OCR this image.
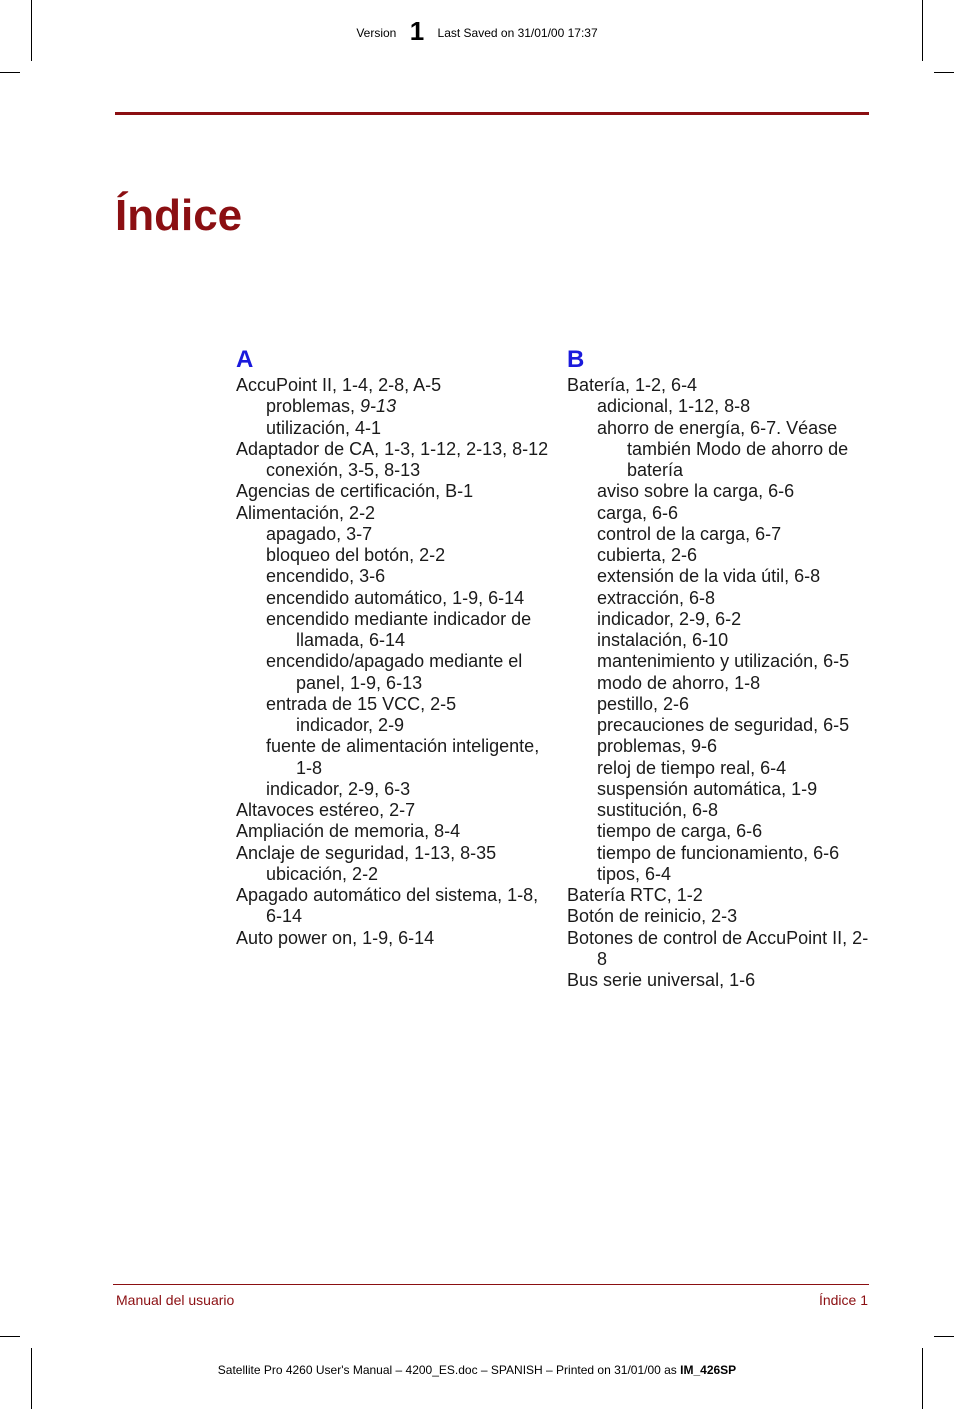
Version 1 Last Saved on 31/01/00 17:37
Índice
A
AccuPoint II, 1-4, 2-8, A-5
problemas, 9-13
utilización, 4-1
Adaptador de CA, 1-3, 1-12, 2-13, 8-12
conexión, 3-5, 8-13
Agencias de certificación, B-1
Alimentación, 2-2
apagado, 3-7
bloqueo del botón, 2-2
encendido, 3-6
encendido automático, 1-9, 6-14
encendido mediante indicador de llamada, 6-14
encendido/apagado mediante el panel, 1-9, 6-13
entrada de 15 VCC, 2-5
indicador, 2-9
fuente de alimentación inteligente, 1-8
indicador, 2-9, 6-3
Altavoces estéreo, 2-7
Ampliación de memoria, 8-4
Anclaje de seguridad, 1-13, 8-35
ubicación, 2-2
Apagado automático del sistema, 1-8, 6-14
Auto power on, 1-9, 6-14
B
Batería, 1-2, 6-4
adicional, 1-12, 8-8
ahorro de energía, 6-7. Véase también Modo de ahorro de batería
aviso sobre la carga, 6-6
carga, 6-6
control de la carga, 6-7
cubierta, 2-6
extensión de la vida útil, 6-8
extracción, 6-8
indicador, 2-9, 6-2
instalación, 6-10
mantenimiento y utilización, 6-5
modo de ahorro, 1-8
pestillo, 2-6
precauciones de seguridad, 6-5
problemas, 9-6
reloj de tiempo real, 6-4
suspensión automática, 1-9
sustitución, 6-8
tiempo de carga, 6-6
tiempo de funcionamiento, 6-6
tipos, 6-4
Batería RTC, 1-2
Botón de reinicio, 2-3
Botones de control de AccuPoint II, 2-8
Bus serie universal, 1-6
Manual del usuario	Índice 1
Satellite Pro 4260 User's Manual – 4200_ES.doc – SPANISH – Printed on 31/01/00 as IM_426SP
